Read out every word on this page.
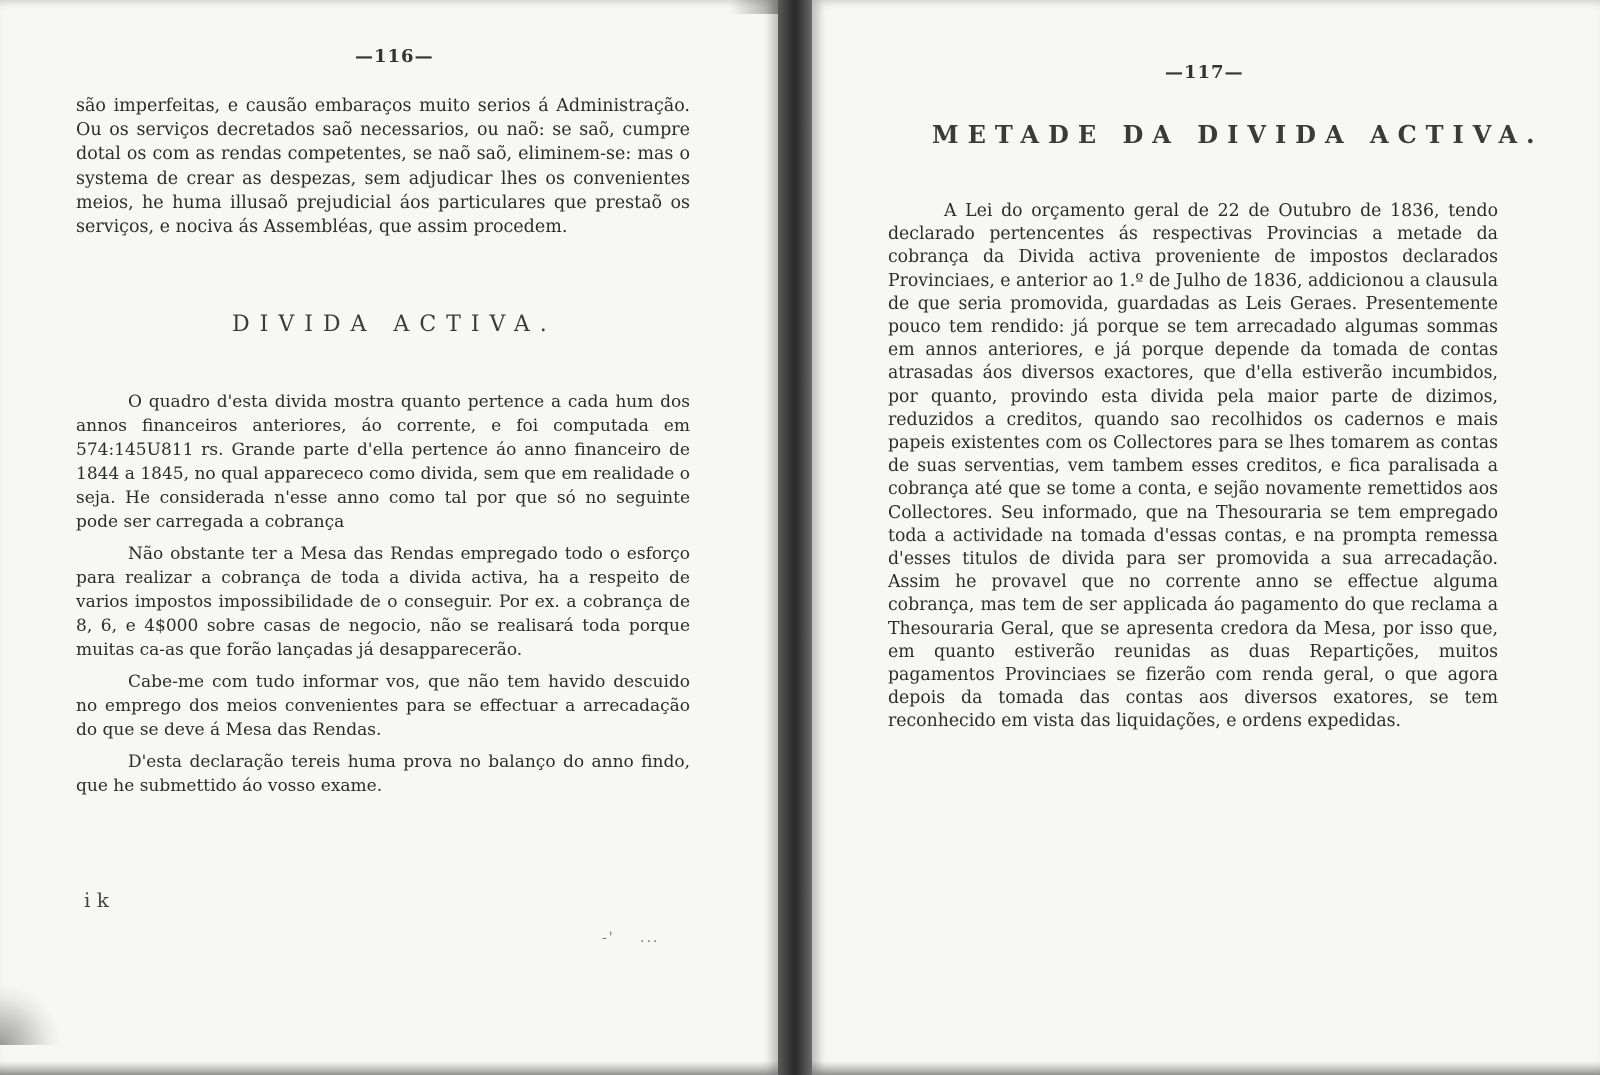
—116—

são imperfeitas, e causão embaraços muito serios á Administração. Ou os serviços decretados saõ necessarios, ou naõ: se saõ, cumpre dotal os com as rendas competentes, se naõ saõ, eliminem-se: mas o systema de crear as despezas, sem adjudicar lhes os convenientes meios, he huma illusaõ prejudicial áos particulares que prestaõ os serviços, e nociva ás Assembléas, que assim procedem.

DIVIDA ACTIVA.

O quadro d'esta divida mostra quanto pertence a cada hum dos annos financeiros anteriores, áo corrente, e foi computada em 574:145U811 rs. Grande parte d'ella pertence áo anno financeiro de 1844 a 1845, no qual apparececo como divida, sem que em realidade o seja. He considerada n'esse anno como tal por que só no seguinte pode ser carregada a cobrança

Não obstante ter a Mesa das Rendas empregado todo o esforço para realizar a cobrança de toda a divida activa, ha a respeito de varios impostos impossibilidade de o conseguir. Por ex. a cobrança de 8, 6, e 4$000 sobre casas de negocio, não se realisará toda porque muitas ca-as que forão lançadas já desapparecerão.

Cabe-me com tudo informar vos, que não tem havido descuido no emprego dos meios convenientes para se effectuar a arrecadação do que se deve á Mesa das Rendas.

D'esta declaração tereis huma prova no balanço do anno findo, que he submettido áo vosso exame.

i k
-' ...
—117—
METADE DA DIVIDA ACTIVA.

A Lei do orçamento geral de 22 de Outubro de 1836, tendo declarado pertencentes ás respectivas Provincias a metade da cobrança da Divida activa proveniente de impostos declarados Provinciaes, e anterior ao 1.º de Julho de 1836, addicionou a clausula de que seria promovida, guardadas as Leis Geraes. Presentemente pouco tem rendido: já porque se tem arrecadado algumas sommas em annos anteriores, e já porque depende da tomada de contas atrasadas áos diversos exactores, que d'ella estiverão incumbidos, por quanto, provindo esta divida pela maior parte de dizimos, reduzidos a creditos, quando sao recolhidos os cadernos e mais papeis existentes com os Collectores para se lhes tomarem as contas de suas serventias, vem tambem esses creditos, e fica paralisada a cobrança até que se tome a conta, e sejão novamente remettidos aos Collectores. Seu informado, que na Thesouraria se tem empregado toda a actividade na tomada d'essas contas, e na prompta remessa d'esses titulos de divida para ser promovida a sua arrecadação. Assim he provavel que no corrente anno se effectue alguma cobrança, mas tem de ser applicada áo pagamento do que reclama a Thesouraria Geral, que se apresenta credora da Mesa, por isso que, em quanto estiverão reunidas as duas Repartições, muitos pagamentos Provinciaes se fizerão com renda geral, o que agora depois da tomada das contas aos diversos exatores, se tem reconhecido em vista das liquidações, e ordens expedidas.
